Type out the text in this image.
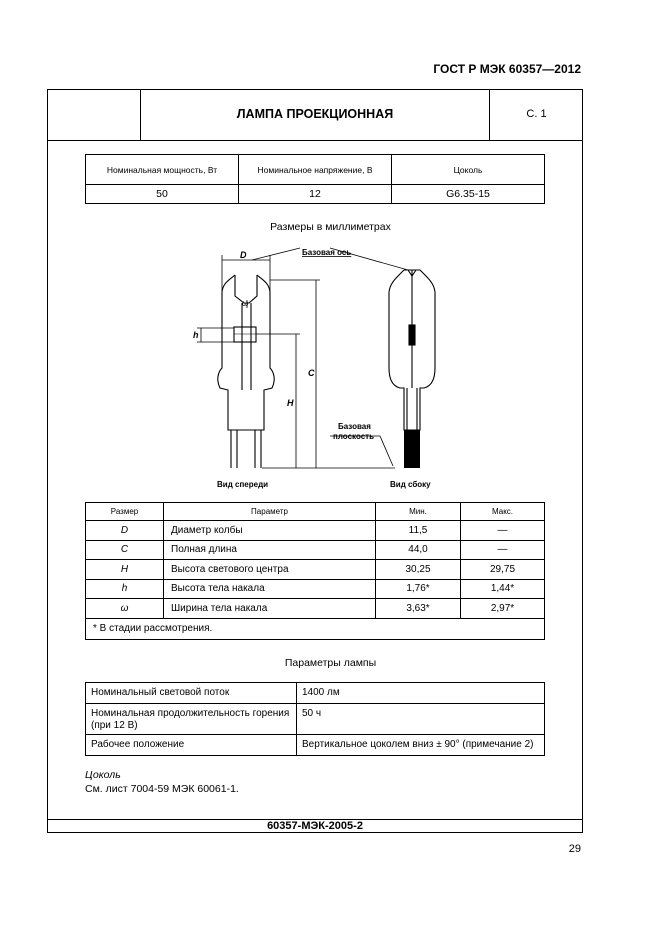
ГОСТ Р МЭК 60357—2012
ЛАМПА ПРОЕКЦИОННАЯ	С. 1
Номинальная мощность, Вт	Номинальное напряжение, В	Цоколь
50	12	G6.35-15
Размеры в миллиметрах
D	Базовая ось
ω
h
C
H
Базовая
плоскость
Вид спереди	Вид сбоку
Размер	Параметр	Мин.	Макс.
D	Диаметр колбы	11,5	—
C	Полная длина	44,0	—
H	Высота светового центра	30,25	29,75
h	Высота тела накала	1,76*	1,44*
ω	Ширина тела накала	3,63*	2,97*
* В стадии рассмотрения.			
Параметры лампы
Номинальный световой поток	1400 лм
Номинальная продолжительность горения (при 12 В)	50 ч
Рабочее положение	Вертикальное цоколем вниз ± 90° (примечание 2)
Цоколь
См. лист 7004-59 МЭК 60061-1.
60357-МЭК-2005-2
29
